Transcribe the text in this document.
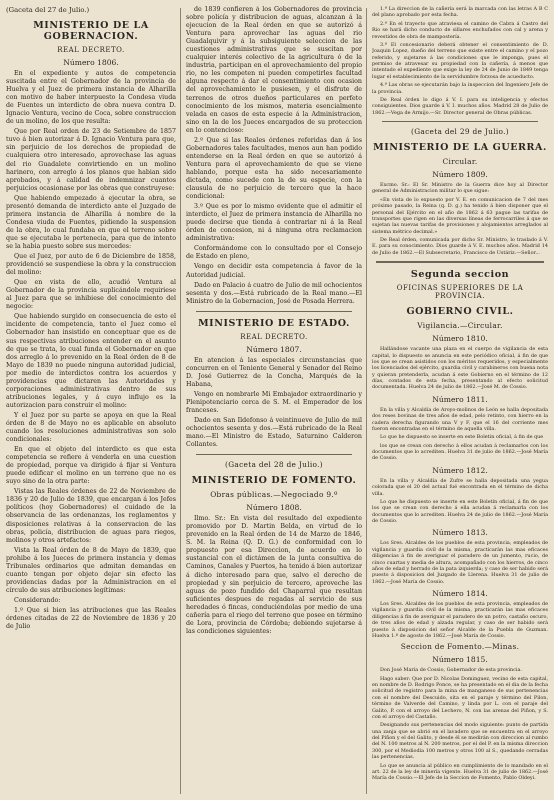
(Gaceta del 27 de Julio.)
MINISTERIO DE LA GOBERNACION.
REAL DECRETO.
Número 1806.

En el expediente y autos de competencia suscitada entre el Gobernador de la provincia de Huelva y el Juez de primera instancia de Alharilla con motivo de haber interpuesto la Condesa viuda de Fuentes un interdicto de obra nueva contra D. Ignacio Ventura, vecino de Coca, sobre construccion de un molino, de los que resulta:

Que por Real orden de 23 de Setiembre de 1857 tuvo á bien autorizar á D. Ignacio Ventura para que, sin perjuicio de los derechos de propiedad de cualquiera otro interesado, aprovechase las aguas del rio Guadalete convirtiendo en un molino harinero, con arreglo á los planos que habian sido aprobados, y á calidad de indemnizar cuantos perjuicios ocasionase por las obras que construyese:

Que habiendo empezado á ejecutar la obra, se presentó demanda de interdicto ante el Juzgado de primera instancia de Alharilla á nombre de la Condesa viuda de Fuentes, pidiendo la suspension de la obra, lo cual fundaba en que el terreno sobre que se ejecutaba le pertenecia, para que de intento se la habia puesto sobre sus mercedes:

Que el Juez, por auto de 6 de Diciembre de 1858, providenció se suspendiese la obra y la construccion del molino:

Que en vista de ello, acudió Ventura al Gobernador de la provincia suplicándole requiriese al Juez para que se inhibiese del conocimiento del negocio:

Que habiendo surgido en consecuencia de esto el incidente de competencia, tanto el Juez como el Gobernador han insistido en conceptuar que es de sus respectivas atribuciones entender en el asunto de que se trata, lo cual funda el Gobernador en que dos arreglo á lo prevenido en la Real órden de 8 de Mayo de 1839 no puede ninguna autoridad judicial, por medio de interdictos contra los acuerdos y providencias que dictaren las Autoridades y corporaciones administrativas dentro de sus atribuciones legales, y á cuyo influjo es la autorizacion para construir el molino:

Y el Juez por su parte se apoya en que la Real órden de 8 de Mayo no es aplicable en absoluto cuando los resoluciones administrativas son solo condicionales:

En que el objeto del interdicto es que esta competencia se refiere á venderla en una cuestion de propiedad, porque va dirigido á fijar si Ventura puede edificar el molino en un terreno que no es suyo sino de la otra parte:

Vistas las Reales órdenes de 22 de Noviembre de 1836 y 20 de Julio de 1839, que encargan á los Jefes políticos (hoy Gobernadores) el cuidado de la observancia de las ordenanzas, los reglamentos y disposiciones relativas á la conservacion de las obras, policía, distribucion de aguas para riegos, molinos y otros artefactos:

Vista la Real órden de 8 de Mayo de 1839, que prohibe á los Jueces de primera instancia y demas Tribunales ordinarios que admitan demandas en cuanto tengan por objeto dejar sin efecto las providencias dadas por la Administracion en el círculo de sus atribuciones legítimas:

Considerando:

1.º Que si bien las atribuciones que las Reales órdenes citadas de 22 de Noviembre de 1836 y 20 de Julio

de 1839 confieren á los Gobernadores de provincia sobre policía y distribucion de aguas, alcanzan á la ejecucion de la Real órden en que se autorizó á Ventura para aprovechar las aguas del rio Guadalquivir y á la subsiguiente seleccion de las cuestiones administrativas que se suscitan por cualquier interés colectivo de la agricultura ó de la industria, participan en el aprovechamiento del propio rio, no les competen ni pueden competirles facultad alguna respecto á dar el consentimiento con ocasion del aprovechamiento le pusiesen, y el disfrute de terrenos de otros dueños particulares en perfeto conocimiento de los mismos, materia esencialmente velada en casos de esta especie á la Administracion, sino en la de los Jueces encargados de su proteccion en lo contencioso:

2.º Que si las Reales órdenes referidas dan á los Gobernadores tales facultades, menos aun han podido entenderse en la Real órden en que se autorizó á Ventura para el aprovechamiento de que se viene hablando, porque esta ha sido necesariamente dictada, como sucede con la de su especie, con la clausula de no perjuicio de tercero que la hace condicional:

3.º Que es por lo mismo evidente que el admitir el interdicto, el Juez de primera instancia de Alharilla no puede decirse que tienda á contrariar ni á la Real órden de concesion, ni á ninguna otra reclamacion administrativa:

Conformándome con lo consultado por el Consejo de Estado en pleno,

Vengo en decidir esta competencia á favor de la Autoridad judicial.

Dado en Palacio á cuatro de Julio de mil ochocientos sesenta y dos.—Está rubricado de la Real mano.—El Ministro de la Gobernacion, José de Posada Herrera.

MINISTERIO DE ESTADO.
REAL DECRETO.
Número 1807.

En atencion á las especiales circunstancias que concurren en el Teniente General y Senador del Reino D. José Gutierrez de la Concha, Marqués de la Habana,

Vengo en nombrarle Mi Embajador extraordinario y Plenipotenciario cerca de S. M. el Emperador de los franceses.

Dado en San Ildefonso á veintinueve de Julio de mil ochocientos sesenta y dos.—Está rubricado de la Real mano.—El Ministro de Estado, Saturnino Calderon Collantes.

(Gaceta del 28 de Julio.)
MINISTERIO DE FOMENTO.
Obras públicas.—Negociado 9.º
Número 1808.

Ilmo. Sr.: En vista del resultado del expediente promovido por D. Martin Belda, en virtud de lo prevenido en la Real órden de 14 de Marzo de 1846, S. M. la Reina (Q. D. G.) de conformidad con lo propuesto por esa Direccion, de acuerdo en lo sustancial con el dictámen de la junta consultiva de Caminos, Canales y Puertos, ha tenido á bien autorizar á dicho interesado para que, salvo el derecho de propiedad y sin perjuicio de tercero, aproveche las aguas de pozo fundido del Chaparral que resultan suficientes despues de regadas al servicio de sus heredades ó fincas, conduciéndolas por medio de una cañería para el riego del terreno que posee en término de Lora, provincia de Córdoba; debiendo sujetarse á las condiciones siguientes:

1.ª La direccion de la cañería será la marcada con las letras A B C del plano aprobado por esta fecha.

2.ª En el trayecto que atraviesa el camino de Cabra á Castro del Rio se hará dicho conducto de sillares enchufados con cal y arena y revestidos de obra de mampostería.

3.ª El concesionario deberá obtener el consentimiento de D. Joaquin Lopez, dueño del terreno que existe entre el camino y el pozo referido, y sujetarse á las condiciones que le imponga, pues el permiso de atravesar su propiedad con la cañería, á menos que intentado el expediente que exige la ley de 24 de Junio de 1849 tenga lugar el establecimiento de la servidumbre forzosa de acueducto.

4.ª Las obras se ejecutarán bajo la inspeccion del Ingeniero Jefe de la provincia.

De Real órden lo digo á V. I. para su inteligencia y efectos consiguientes. Dios guarde á V. I. muchos años. Madrid 28 de Julio de 1862.—Vega de Armijo.—Sr. Director general de Obras públicas.

(Gaceta del 29 de Julio.)
MINISTERIO DE LA GUERRA.
Circular.
Número 1809.

Excmo. Sr.: El Sr. Ministro de la Guerra dice hoy al Director general de Administracion militar lo que sigue:

«En vista de lo expuesto por V. E. en comunicacion de 7 del mes próximo pasado, la Reina (q. D. g.) ha tenido á bien disponer que el personal del Ejército en el año de 1862 á 63 pague las tarifas de transportes que rigen en las diversas líneas de ferrocarriles á que se sujetan las nuevas tarifas de provisiones y alojamientos arreglados al sistema métrico decimal.»

De Real órden, comunicada por dicho Sr. Ministro, lo traslado á V. E. para su conocimiento. Dios guarde á V. E. muchos años. Madrid 14 de Julio de 1862.—El Subsecretario, Francisco de Ustáriz.—Señor...

Segunda seccion
OFICINAS SUPERIORES DE LA PROVINCIA.
GOBIERNO CIVIL.
Vigilancia.—Circular.
Número 1810.

Hallándose vacante una plaza en el cuerpo de vigilancia de esta capital, lo dispuesto se anuncia en este periódico oficial, á fin de que los que se crean asistidos con los méritos requeridos, y especialmente los licenciados del ejército, guardia civil y carabineros con buena nota y quieran pretenderla, acudan á este Gobierno en el término de 12 días, contados de esta fecha, presentando al efecto solicitud documentada. Huelva 24 de julio de 1862.—José M. de Cossio.

Número 1811.

En la villa y Alcaldía de Aroyo-molinos de León se halla depositada dos reses bovinas de tres años de edad, pelo retinto, con hierro en la cadera derecha figurando una V y F, que el 16 del corriente mes fueron encontradas en el término de aquella villa.

Lo que he dispuesto se inserte en este Boletin oficial, á fin de que

los que se crean con derecho á ellos acudan á reclamarlos con los documentos que lo acrediten. Huelva 31 de julio de 1862.—José María de Cossio.

Número 1812.

En la villa y Alcaldía de Zufre se halla depositada una yegua colorada que el 20 del actual fué encontrada en el término de dicha villa.

Lo que he dispuesto se inserte en este Boletín oficial, á fin de que los que se crean con derecho á ella acudan á reclamarla con los documentos que lo acrediten. Huelva 24 de julio de 1862.—José María de Cossio.

Número 1813.

Los Sres. Alcaldes de los pueblos de esta provincia, empleados de vigilancia y guardia civil de la misma, practicarán las mas eficaces diligencias á fin de averiguar el paradero de un jumento, rucio, de cinco cuartas y media de altura, acompañado con los hierros, de cinco años de edad y herrado de la pata izquierda; y caso de ser habido será puesto á disposicion del Juzgado de Llerena. Huelva 31 de julio de 1862.—José María de Cossio.

Número 1814.

Los Sres. Alcaldes de los pueblos de esta provincia, empleados de vigilancia y guardia civil de la misma, practicarán las mas eficaces diligencias á fin de averiguar el paradero de un potro, castaño oscuro, de tres años de edad y alzada regular, y caso de ser habido será puesto á disposicion del señor Alcalde de la Puebla de Guzman. Huelva 1.º de agosto de 1862.—José María de Cossio.

Seccion de Fomento.—Minas.
Número 1815.

Don José María de Cossio, Gobernador de esta provincia.

Hago saber: Que por D. Nicolas Dominguez, vecino de esta capital, en nombre de D. Rodrigo Ponce, se ha presentado en el dia de la fecha solicitud de registro para la mina de manganeso de sus pertenencias con el nombre del Descuido, sita en el paraje y término del Pilon, término de Valverde del Camino, y linda por L. con el paraje del Galito, P. con el arroyo del Lechero, N. con las arenas del Piñon, y S. con el arroyo del Castaño.

Designando sus pertenencias del modo siguiente: punto de partida una zanja que se abrió en el lavadero que se encuentra en el arroyo del Piñon y el del Galito, y desde él se medirán con direccion al rumbo del N. 100 metros al N. 200 metros, por el del P. en la misma direccion 300, por el Mediodía 100 metros y otros 100 al S., quedando cerradas las pertenencias.

Lo que se anuncia al público en cumplimiento de lo mandado en el art. 22 de la ley de minería vigente. Huelva 31 de julio de 1862.—José María de Cossio.—El Jefe de la Seccion de Fomento, Pablo Oldeyi.
